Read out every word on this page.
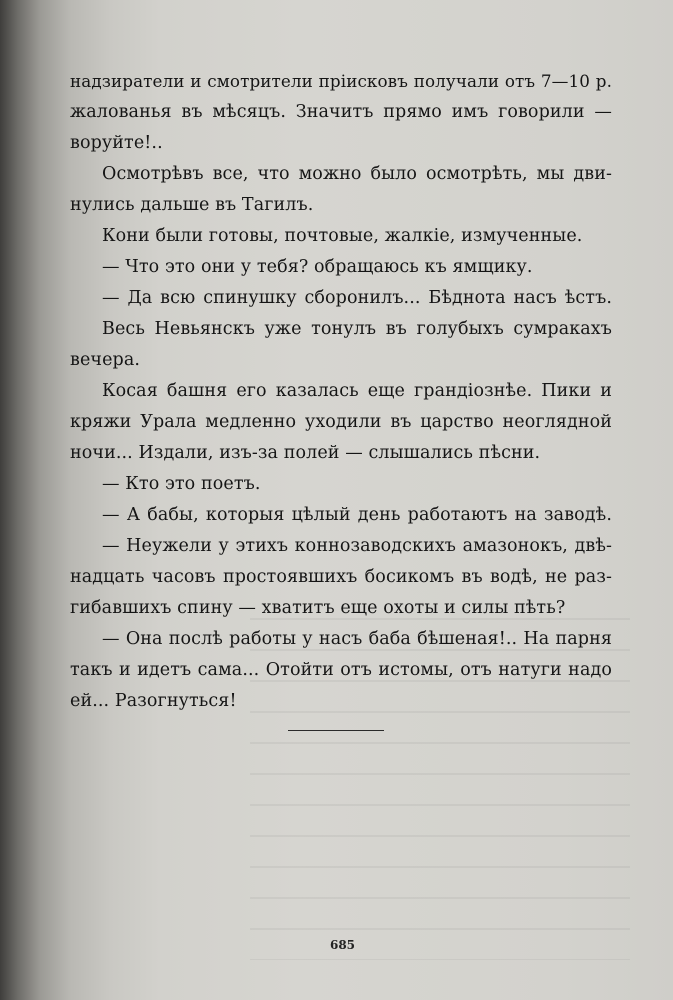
надзиратели и смотрители прiисковъ получали отъ 7—10 р.
жалованья въ мѣсяцъ. Значитъ прямо имъ говорили —
воруйте!..
Осмотрѣвъ все, что можно было осмотрѣть, мы дви-
нулись дальше въ Тагилъ.
Кони были готовы, почтовые, жалкiе, измученные.
— Что это они у тебя? обращаюсь къ ямщику.
— Да всю спинушку сборонилъ... Бѣднота насъ ѣстъ.
Весь Невьянскъ уже тонулъ въ голубыхъ сумракахъ
вечера.
Косая башня его казалась еще грандiознѣе. Пики и
кряжи Урала медленно уходили въ царство неоглядной
ночи... Издали, изъ-за полей — слышались пѣсни.
— Кто это поетъ.
— А бабы, которыя цѣлый день работаютъ на заводѣ.
— Неужели у этихъ коннозаводскихъ амазонокъ, двѣ-
надцать часовъ простоявшихъ босикомъ въ водѣ, не раз-
гибавшихъ спину — хватитъ еще охоты и силы пѣть?
— Она послѣ работы у насъ баба бѣшеная!.. На парня
такъ и идетъ сама... Отойти отъ истомы, отъ натуги надо
ей... Разогнуться!
685
